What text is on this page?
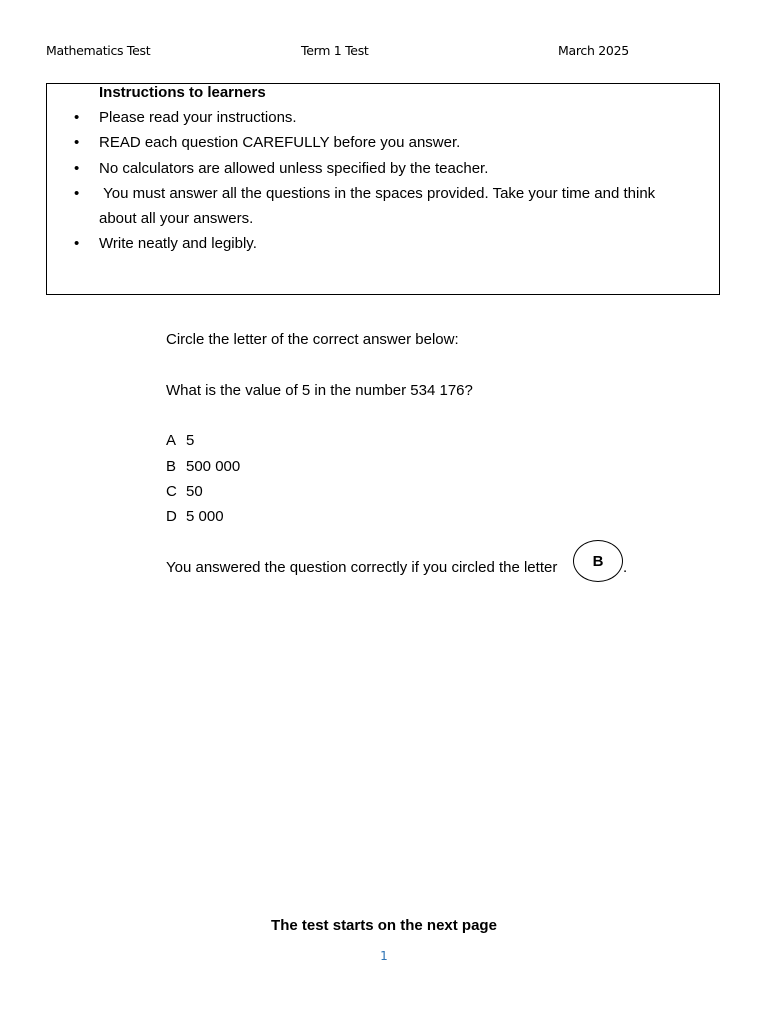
Mathematics Test	Term 1 Test	March 2025
Instructions to learners
• Please read your instructions.
• READ each question CAREFULLY before you answer.
• No calculators are allowed unless specified by the teacher.
• You must answer all the questions in the spaces provided. Take your time and think about all your answers.
• Write neatly and legibly.
Circle the letter of the correct answer below:
What is the value of 5 in the number 534 176?
A 5
B 500 000
C 50
D 5 000
You answered the question correctly if you circled the letter	B	.
The test starts on the next page
1
